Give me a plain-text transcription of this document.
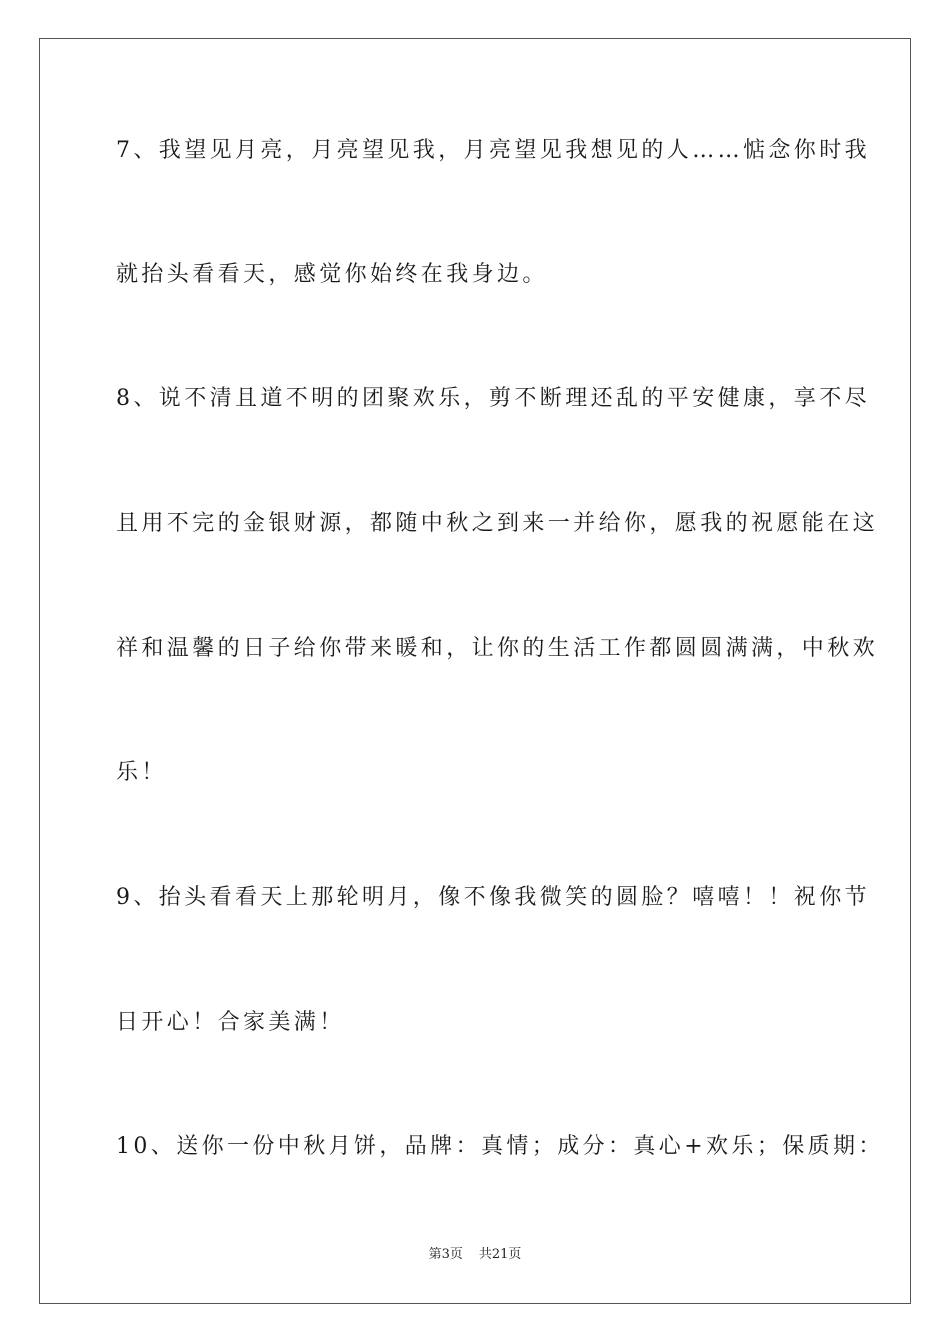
7、我望见月亮，月亮望见我，月亮望见我想见的人……惦念你时我
就抬头看看天，感觉你始终在我身边。
8、说不清且道不明的团聚欢乐，剪不断理还乱的平安健康，享不尽
且用不完的金银财源，都随中秋之到来一并给你，愿我的祝愿能在这
祥和温馨的日子给你带来暖和，让你的生活工作都圆圆满满，中秋欢
乐！
9、抬头看看天上那轮明月，像不像我微笑的圆脸？嘻嘻！！祝你节
日开心！合家美满！
10、送你一份中秋月饼，品牌：真情；成分：真心+欢乐；保质期：
第3页 共21页
